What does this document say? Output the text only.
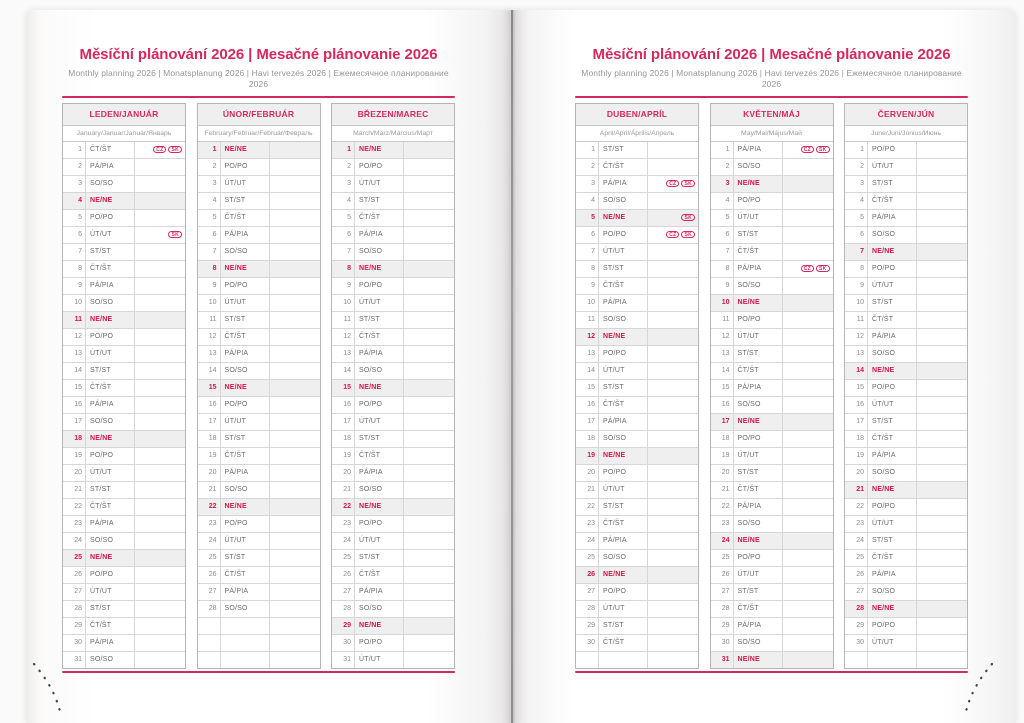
Měsíční plánování 2026 | Mesačné plánovanie 2026
Monthly planning 2026 | Monatsplanung 2026 | Havi tervezés 2026 | Ежемесячное планирование 2026
LEDEN/JANUÁR
January/Januar/Január/Январь
1	ČT/ŠT	CZ SK
2	PÁ/PIA
3	SO/SO
4	NE/NE
5	PO/PO
6	ÚT/UT	SK
7	ST/ST
8	ČT/ŠT
9	PÁ/PIA
10	SO/SO
11	NE/NE
12	PO/PO
13	ÚT/UT
14	ST/ST
15	ČT/ŠT
16	PÁ/PIA
17	SO/SO
18	NE/NE
19	PO/PO
20	ÚT/UT
21	ST/ST
22	ČT/ŠT
23	PÁ/PIA
24	SO/SO
25	NE/NE
26	PO/PO
27	ÚT/UT
28	ST/ST
29	ČT/ŠT
30	PÁ/PIA
31	SO/SO
ÚNOR/FEBRUÁR
February/Februar/Február/Февраль
1	NE/NE
2	PO/PO
3	ÚT/UT
4	ST/ST
5	ČT/ŠT
6	PÁ/PIA
7	SO/SO
8	NE/NE
9	PO/PO
10	ÚT/UT
11	ST/ST
12	ČT/ŠT
13	PÁ/PIA
14	SO/SO
15	NE/NE
16	PO/PO
17	ÚT/UT
18	ST/ST
19	ČT/ŠT
20	PÁ/PIA
21	SO/SO
22	NE/NE
23	PO/PO
24	ÚT/UT
25	ST/ST
26	ČT/ŠT
27	PÁ/PIA
28	SO/SO
BŘEZEN/MAREC
March/März/Március/Март
1	NE/NE
2	PO/PO
3	ÚT/UT
4	ST/ST
5	ČT/ŠT
6	PÁ/PIA
7	SO/SO
8	NE/NE
9	PO/PO
10	ÚT/UT
11	ST/ST
12	ČT/ŠT
13	PÁ/PIA
14	SO/SO
15	NE/NE
16	PO/PO
17	ÚT/UT
18	ST/ST
19	ČT/ŠT
20	PÁ/PIA
21	SO/SO
22	NE/NE
23	PO/PO
24	ÚT/UT
25	ST/ST
26	ČT/ŠT
27	PÁ/PIA
28	SO/SO
29	NE/NE
30	PO/PO
31	ÚT/UT
Měsíční plánování 2026 | Mesačné plánovanie 2026
Monthly planning 2026 | Monatsplanung 2026 | Havi tervezés 2026 | Ежемесячное планирование 2026
DUBEN/APRÍL
April/April/Április/Апрель
1	ST/ST
2	ČT/ŠT
3	PÁ/PIA	CZ SK
4	SO/SO
5	NE/NE	SK
6	PO/PO	CZ SK
7	ÚT/UT
8	ST/ST
9	ČT/ŠT
10	PÁ/PIA
11	SO/SO
12	NE/NE
13	PO/PO
14	ÚT/UT
15	ST/ST
16	ČT/ŠT
17	PÁ/PIA
18	SO/SO
19	NE/NE
20	PO/PO
21	ÚT/UT
22	ST/ST
23	ČT/ŠT
24	PÁ/PIA
25	SO/SO
26	NE/NE
27	PO/PO
28	ÚT/UT
29	ST/ST
30	ČT/ŠT
KVĚTEN/MÁJ
May/Mai/Május/Май
1	PÁ/PIA	CZ SK
2	SO/SO
3	NE/NE
4	PO/PO
5	ÚT/UT
6	ST/ST
7	ČT/ŠT
8	PÁ/PIA	CZ SK
9	SO/SO
10	NE/NE
11	PO/PO
12	ÚT/UT
13	ST/ST
14	ČT/ŠT
15	PÁ/PIA
16	SO/SO
17	NE/NE
18	PO/PO
19	ÚT/UT
20	ST/ST
21	ČT/ŠT
22	PÁ/PIA
23	SO/SO
24	NE/NE
25	PO/PO
26	ÚT/UT
27	ST/ST
28	ČT/ŠT
29	PÁ/PIA
30	SO/SO
31	NE/NE
ČERVEN/JÚN
June/Juni/Június/Июнь
1	PO/PO
2	ÚT/UT
3	ST/ST
4	ČT/ŠT
5	PÁ/PIA
6	SO/SO
7	NE/NE
8	PO/PO
9	ÚT/UT
10	ST/ST
11	ČT/ŠT
12	PÁ/PIA
13	SO/SO
14	NE/NE
15	PO/PO
16	ÚT/UT
17	ST/ST
18	ČT/ŠT
19	PÁ/PIA
20	SO/SO
21	NE/NE
22	PO/PO
23	ÚT/UT
24	ST/ST
25	ČT/ŠT
26	PÁ/PIA
27	SO/SO
28	NE/NE
29	PO/PO
30	ÚT/UT
